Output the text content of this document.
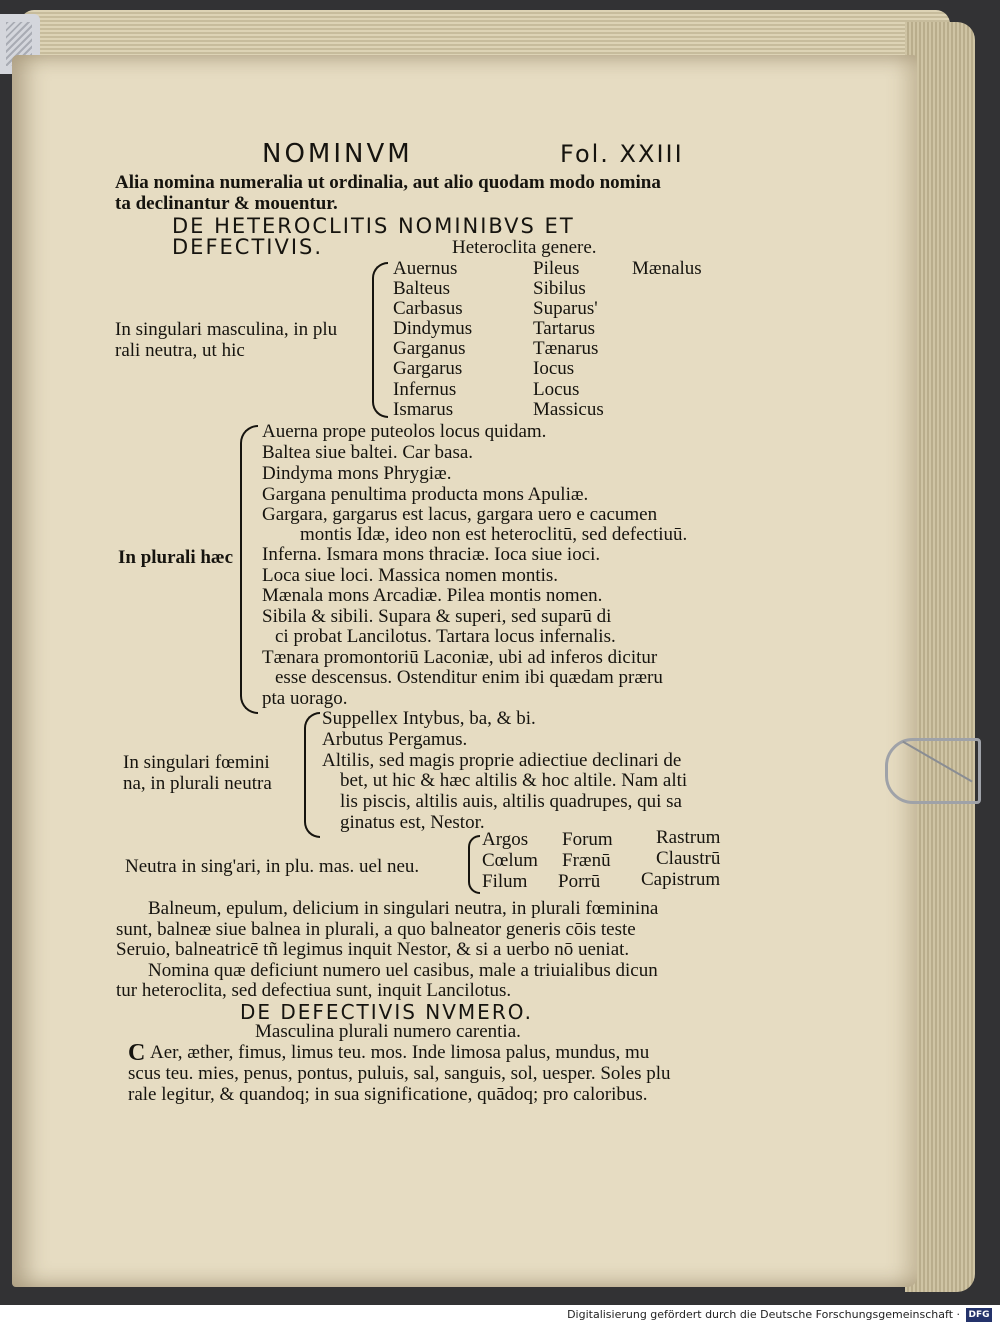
NOMINVM	Fol. XXIII
Alia nomina numeralia ut ordinalia, aut alio quodam modo nomina
ta declinantur & mouentur.
DE HETEROCLITIS NOMINIBVS ET
DEFECTIVIS.	Heteroclita genere.
In singulari masculina, in plu
rali neutra, ut hic
Auernus
Balteus
Carbasus
Dindymus
Garganus
Gargarus
Infernus
Ismarus
Pileus
Sibilus
Suparus'
Tartarus
Tænarus
Iocus
Locus
Massicus
Mænalus
In plurali hæc
Auerna prope puteolos locus quidam.
Baltea siue baltei. Car basa.
Dindyma mons Phrygiæ.
Gargana penultima producta mons Apuliæ.
Gargara, gargarus est lacus, gargara uero e cacumen
montis Idæ, ideo non est heteroclitū, sed defectiuū.
Inferna. Ismara mons thraciæ. Ioca siue ioci.
Loca siue loci. Massica nomen montis.
Mænala mons Arcadiæ. Pilea montis nomen.
Sibila & sibili. Supara & superi, sed suparū di
ci probat Lancilotus. Tartara locus infernalis.
Tænara promontoriū Laconiæ, ubi ad inferos dicitur
esse descensus. Ostenditur enim ibi quædam præru
pta uorago.
In singulari fœmini
na, in plurali neutra
Suppellex Intybus, ba, & bi.
Arbutus Pergamus.
Altilis, sed magis proprie adiectiue declinari de
bet, ut hic & hæc altilis & hoc altile. Nam alti
lis piscis, altilis auis, altilis quadrupes, qui sa
ginatus est, Nestor.
Neutra in sing'ari, in plu. mas. uel neu.
Argos Forum Rastrum
Cœlum Frænū Claustrū
Filum Porrū Capistrum
Balneum, epulum, delicium in singulari neutra, in plurali fœminina
sunt, balneæ siue balnea in plurali, a quo balneator generis cōis teste
Seruio, balneatricē tñ legimus inquit Nestor, & si a uerbo nō ueniat.
Nomina quæ deficiunt numero uel casibus, male a triuialibus dicun
tur heteroclita, sed defectiua sunt, inquit Lancilotus.
DE DEFECTIVIS NVMERO.
Masculina plurali numero carentia.
C Aer, æther, fimus, limus teu. mos. Inde limosa palus, mundus, mu
scus teu. mies, penus, pontus, puluis, sal, sanguis, sol, uesper. Soles plu
rale legitur, & quandoq; in sua significatione, quādoq; pro caloribus.
Digitalisierung gefördert durch die Deutsche Forschungsgemeinschaft · DFG
